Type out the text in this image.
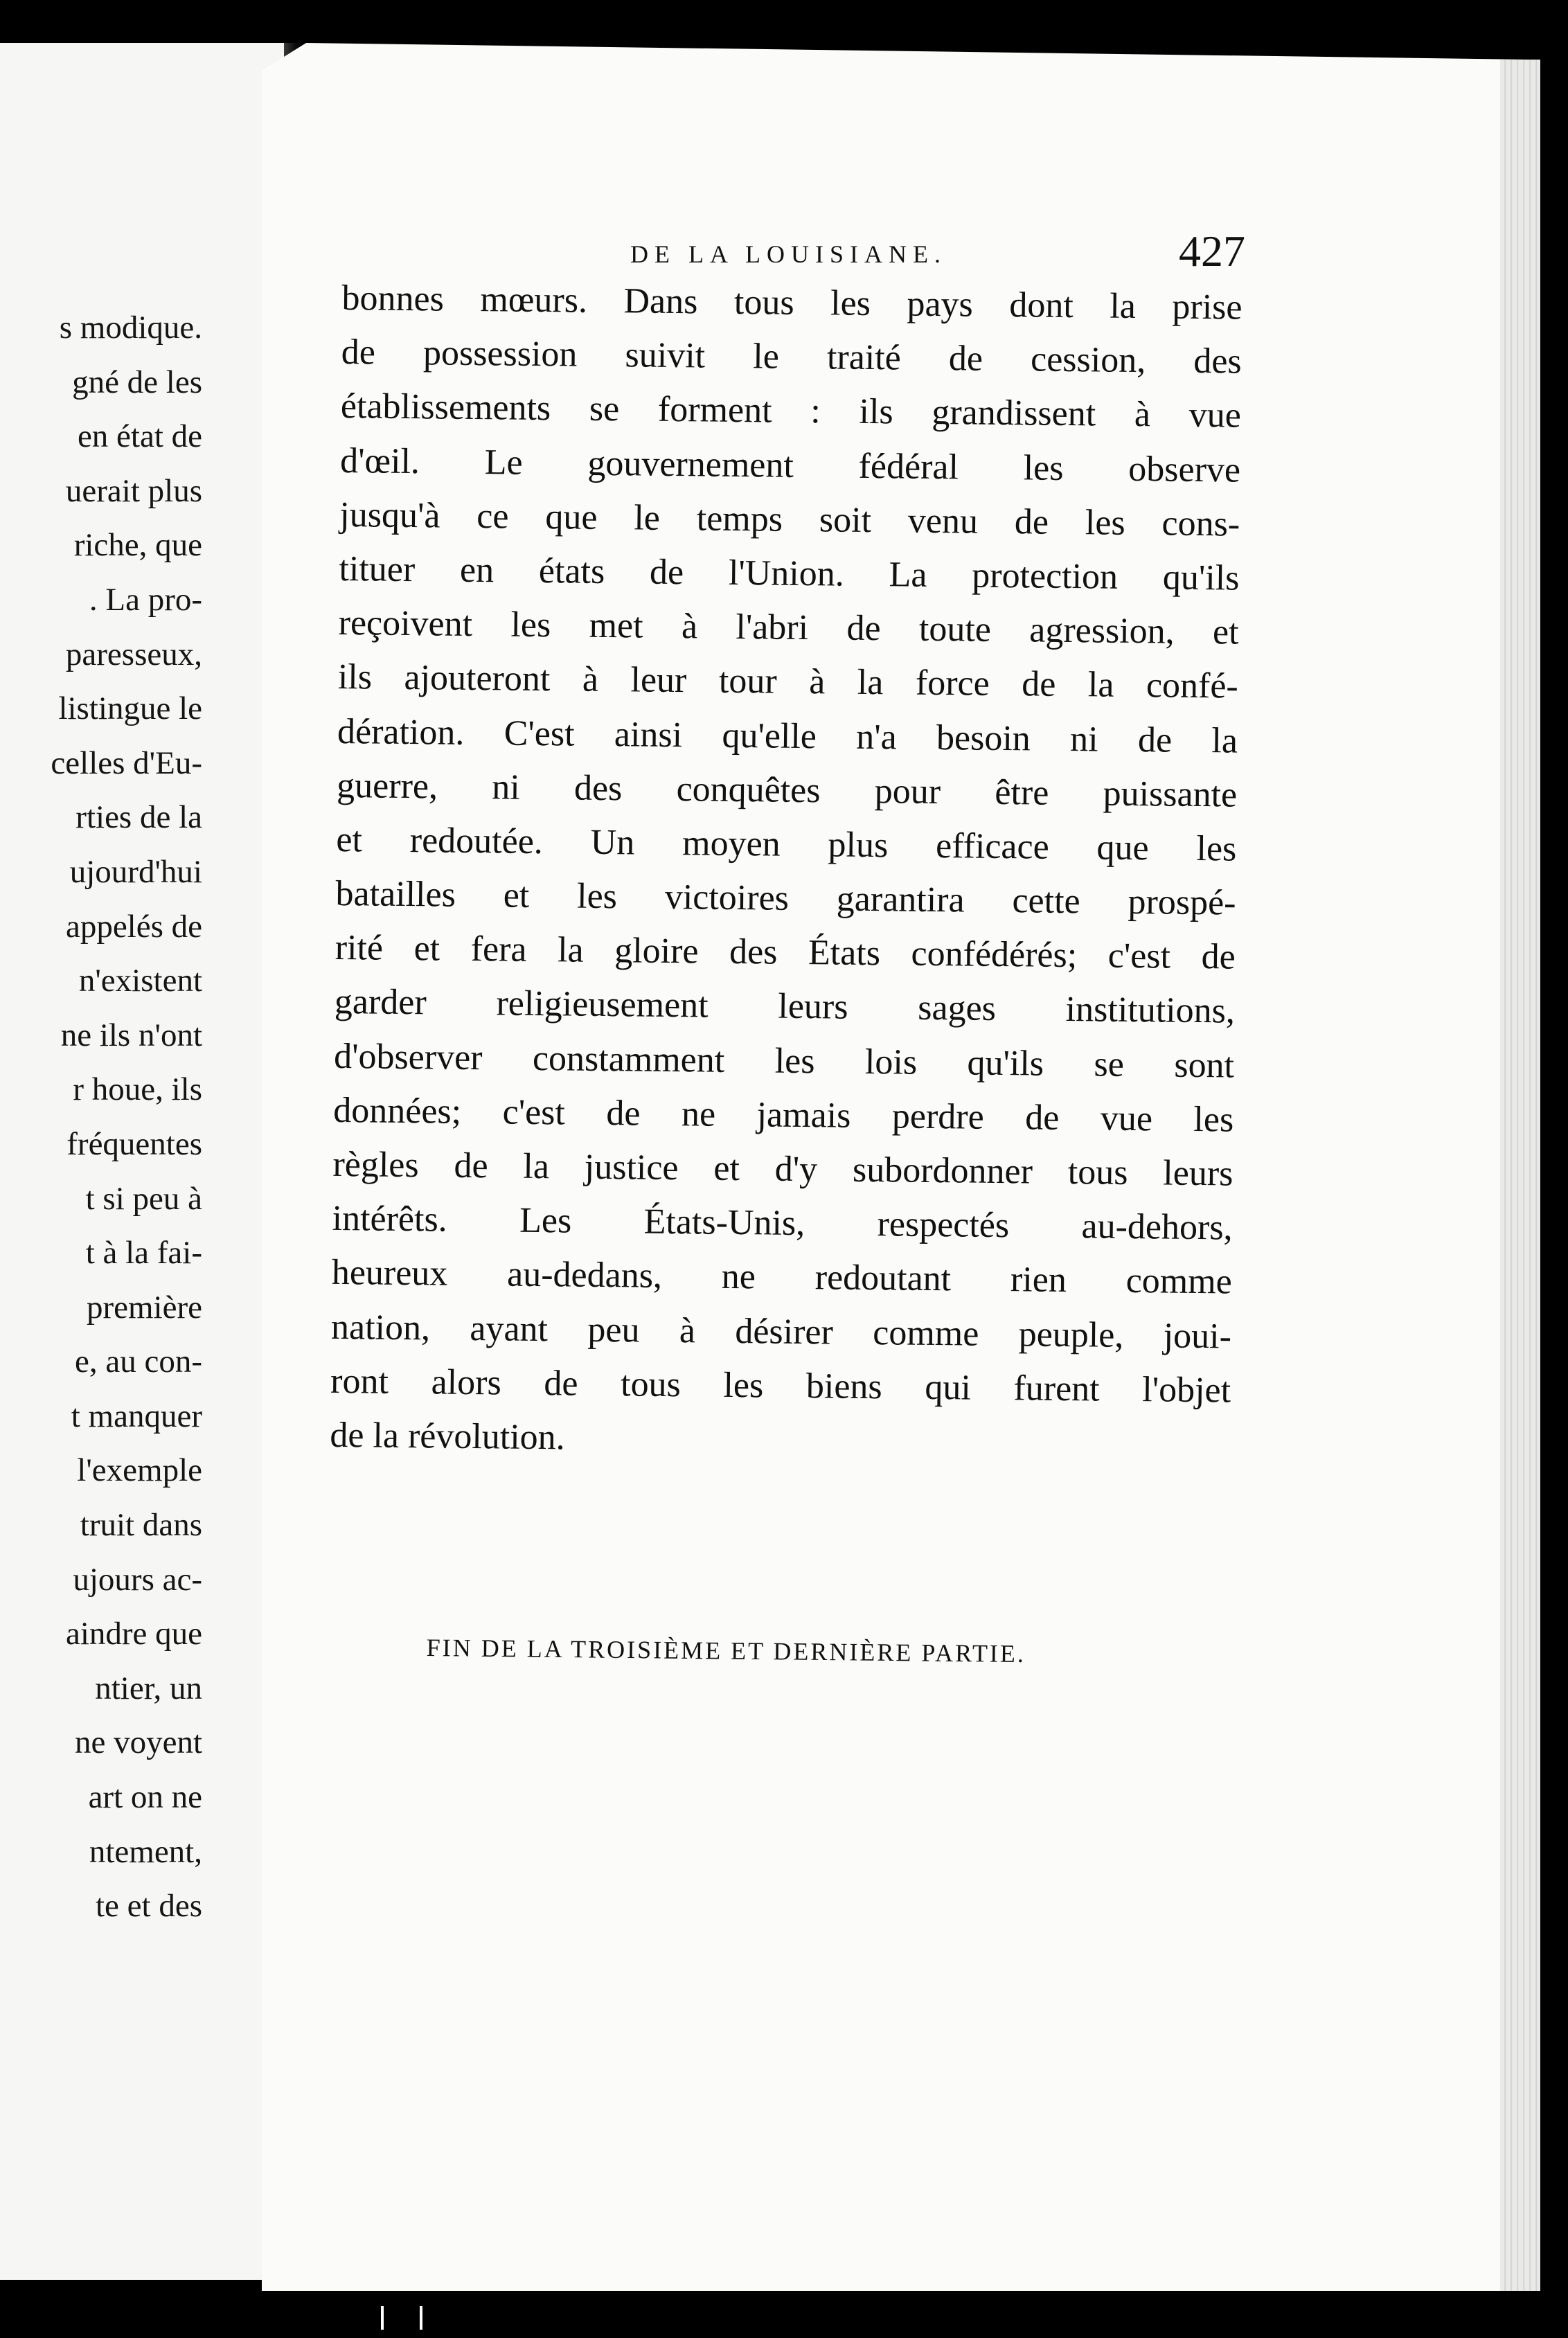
s modique.
gné de les
en état de
uerait plus
riche, que
. La pro-
paresseux,
listingue le
celles d'Eu-
rties de la
ujourd'hui
appelés de
n'existent
ne ils n'ont
r houe, ils
fréquentes
t si peu à
t à la fai-
première
e, au con-
t manquer
l'exemple
truit dans
ujours ac-
aindre que
ntier, un
ne voyent
art on ne
ntement,
te et des
DE LA LOUISIANE.	427
bonnes mœurs. Dans tous les pays dont la prise
de possession suivit le traité de cession, des
établissements se forment : ils grandissent à vue
d'œil. Le gouvernement fédéral les observe
jusqu'à ce que le temps soit venu de les cons-
tituer en états de l'Union. La protection qu'ils
reçoivent les met à l'abri de toute agression, et
ils ajouteront à leur tour à la force de la confé-
dération. C'est ainsi qu'elle n'a besoin ni de la
guerre, ni des conquêtes pour être puissante
et redoutée. Un moyen plus efficace que les
batailles et les victoires garantira cette prospé-
rité et fera la gloire des États confédérés; c'est de
garder religieusement leurs sages institutions,
d'observer constamment les lois qu'ils se sont
données; c'est de ne jamais perdre de vue les
règles de la justice et d'y subordonner tous leurs
intérêts. Les États-Unis, respectés au-dehors,
heureux au-dedans, ne redoutant rien comme
nation, ayant peu à désirer comme peuple, joui-
ront alors de tous les biens qui furent l'objet
de la révolution.
FIN DE LA TROISIÈME ET DERNIÈRE PARTIE.
